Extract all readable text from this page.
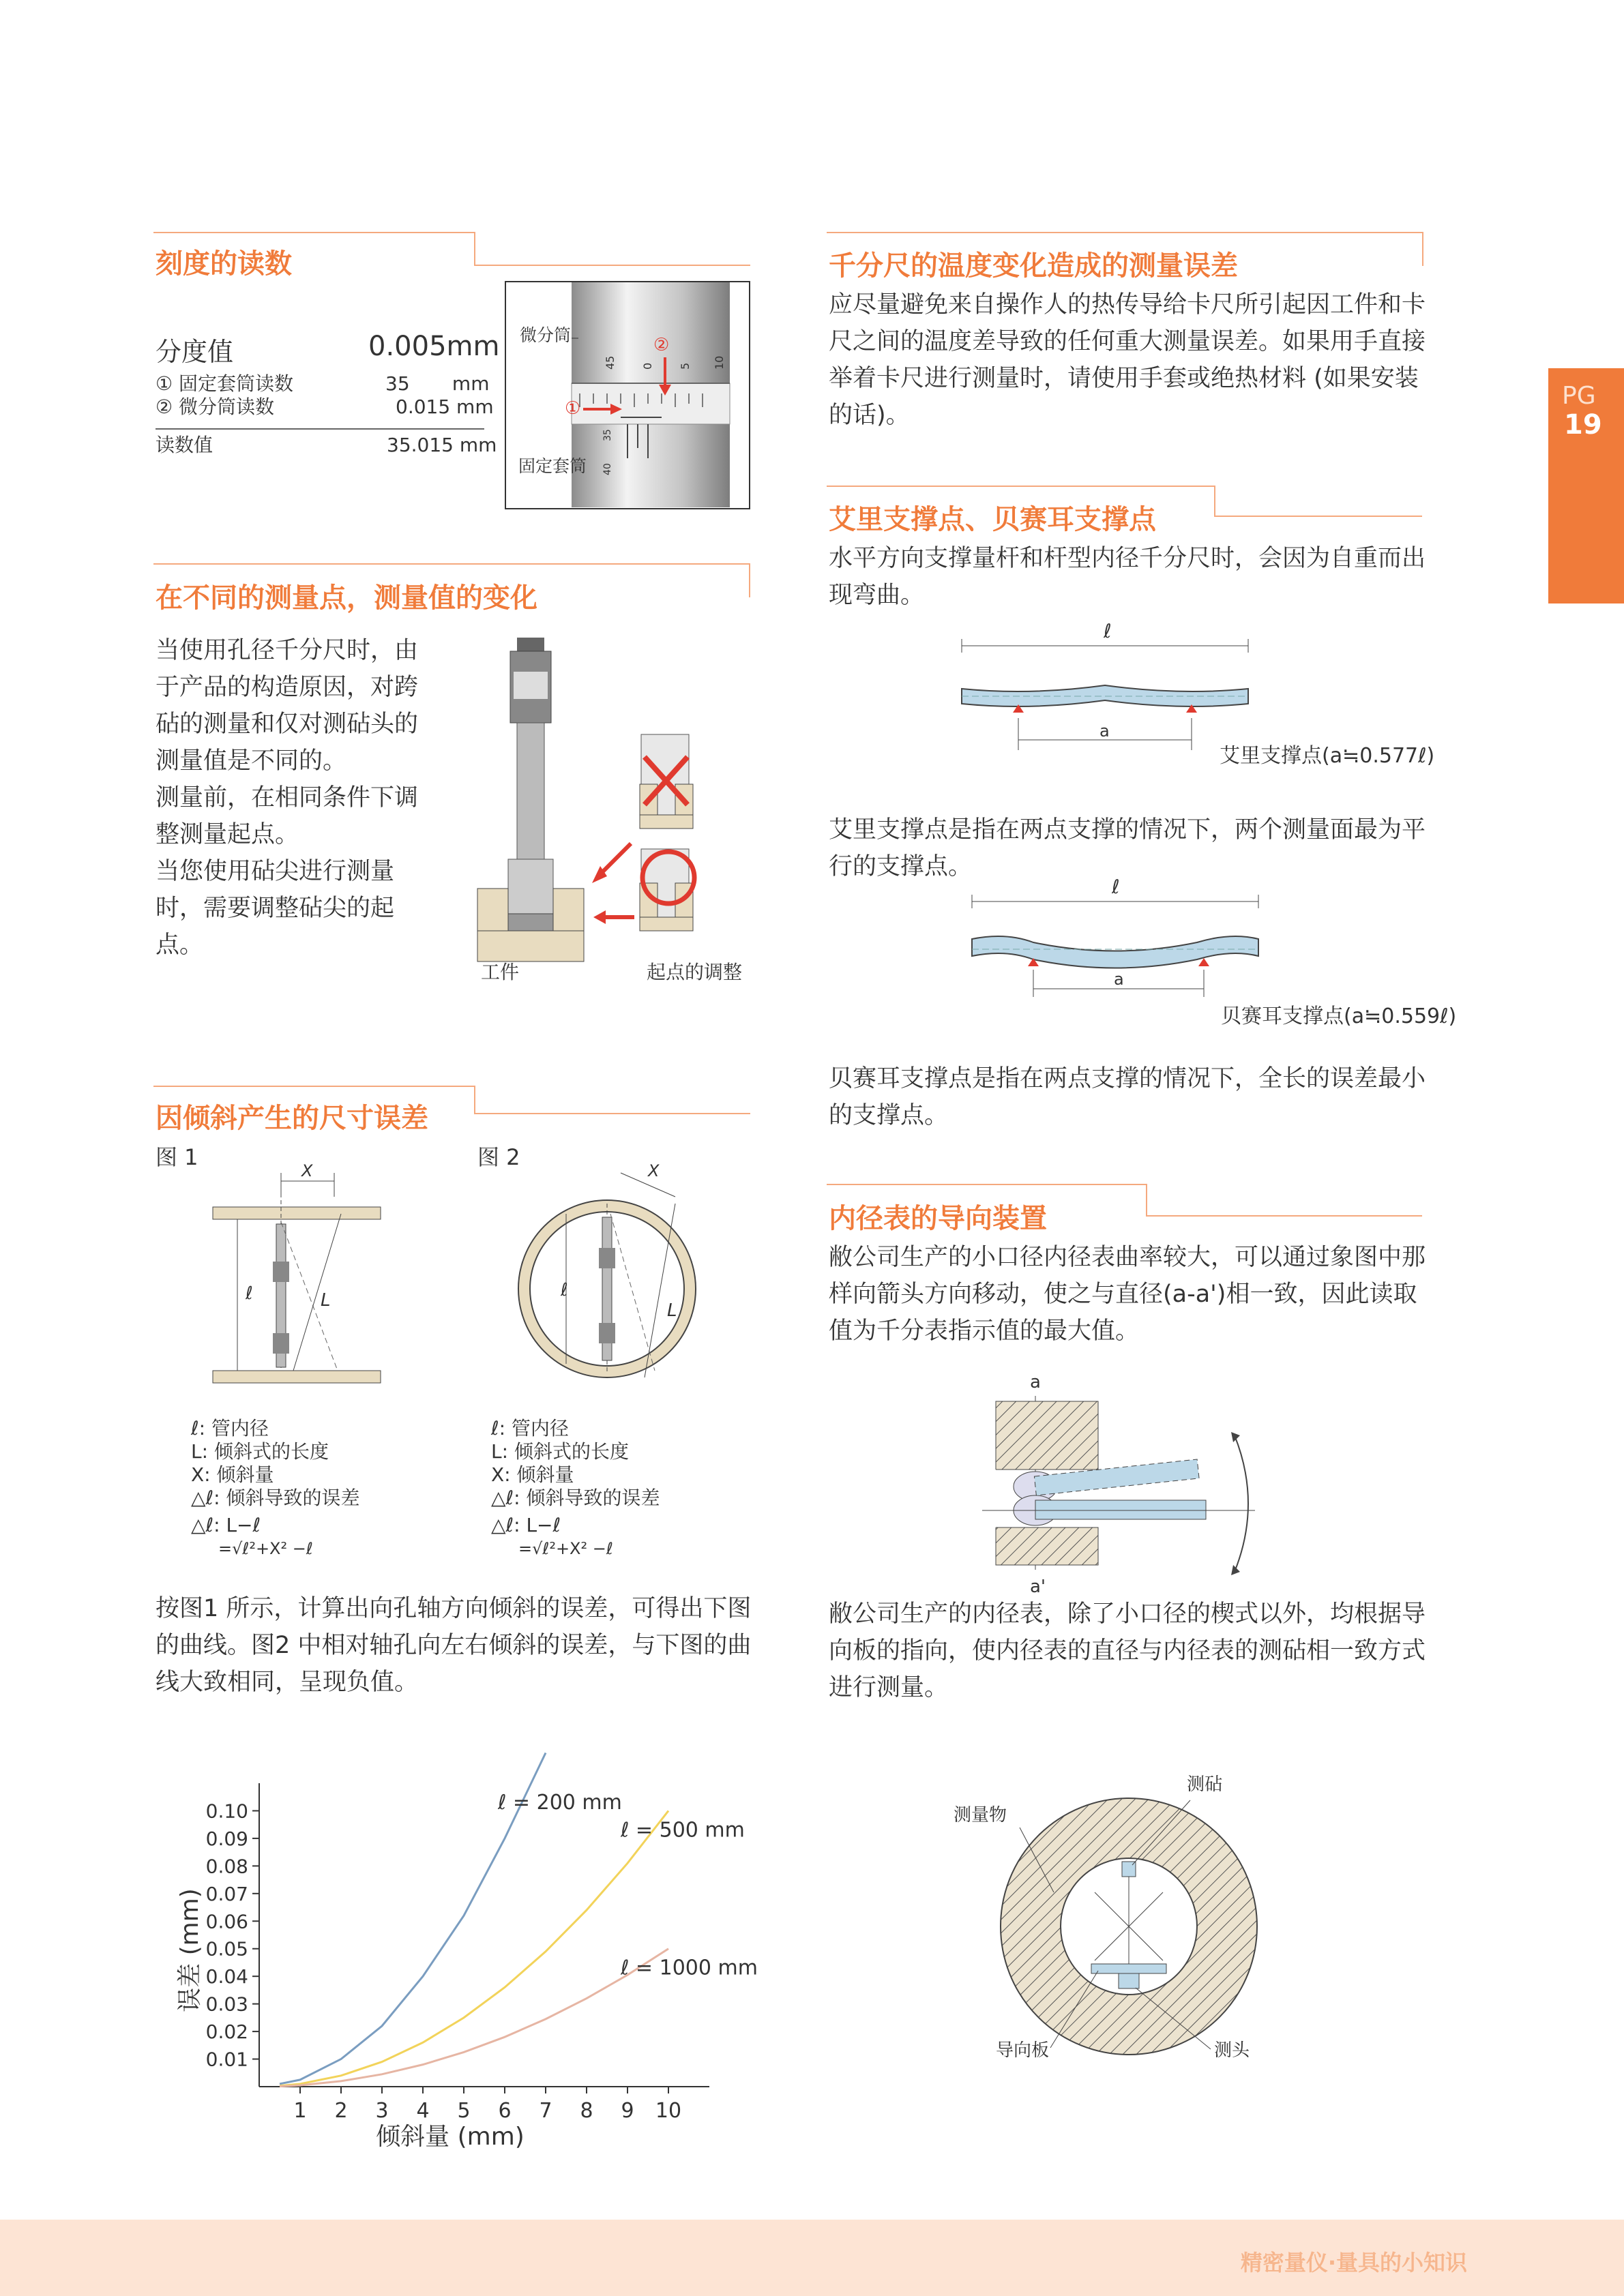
PG
19
刻度的读数
分度值	0.005mm
① 固定套筒读数	35       mm
② 微分筒读数	0.015 mm
读数值	35.015 mm
45 0 5 10
35
40
微分筒
固定套筒
②
①
在不同的测量点，测量值的变化
当使用孔径千分尺时，由于产品的构造原因，对跨砧的测量和仅对测砧头的测量值是不同的。
测量前，在相同条件下调整测量起点。
当您使用砧尖进行测量时，需要调整砧尖的起点。
工件	起点的调整
因倾斜产生的尺寸误差
图 1	图 2
X
ℓ	L	ℓ
X
L
ℓ: 管内径
L: 倾斜式的长度
X: 倾斜量
△ℓ: 倾斜导致的误差
△ℓ: L−ℓ
=√ℓ²+X² −ℓ
ℓ: 管内径
L: 倾斜式的长度
X: 倾斜量
△ℓ: 倾斜导致的误差
△ℓ: L−ℓ
=√ℓ²+X² −ℓ
按图1 所示，计算出向孔轴方向倾斜的误差，可得出下图的曲线。图2 中相对轴孔向左右倾斜的误差，与下图的曲线大致相同，呈现负值。
1 2 3 4 5 6 7 8 9 10
0.01
0.02
0.03
0.04
0.05
0.06
0.07
0.08
0.09
0.10	ℓ = 200 mm
ℓ = 500 mm
ℓ = 1000 mm
误差 (mm)
倾斜量 (mm)
千分尺的温度变化造成的测量误差
应尽量避免来自操作人的热传导给卡尺所引起因工件和卡尺之间的温度差导致的任何重大测量误差。如果用手直接举着卡尺进行测量时，请使用手套或绝热材料 (如果安装的话)。
艾里支撑点、贝赛耳支撑点
水平方向支撑量杆和杆型内径千分尺时，会因为自重而出现弯曲。
ℓ
a
艾里支撑点(a≒0.577ℓ)
艾里支撑点是指在两点支撑的情况下，两个测量面最为平行的支撑点。
ℓ
a
贝赛耳支撑点(a≒0.559ℓ)
贝赛耳支撑点是指在两点支撑的情况下，全长的误差最小的支撑点。
内径表的导向装置
敝公司生产的小口径内径表曲率较大，可以通过象图中那样向箭头方向移动，使之与直径(a-a')相一致，因此读取值为千分表指示值的最大值。
a
a'
敝公司生产的内径表，除了小口径的楔式以外，均根据导向板的指向，使内径表的直径与内径表的测砧相一致方式进行测量。
测量物
测砧
导向板	测头
精密量仪·量具的小知识
